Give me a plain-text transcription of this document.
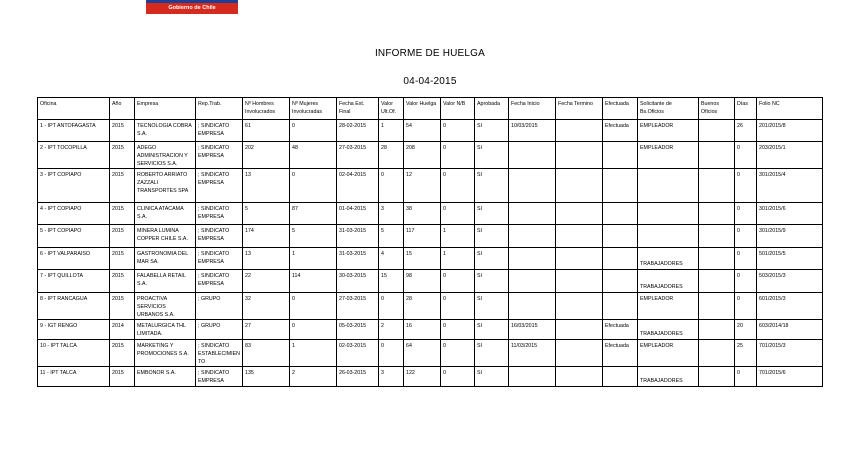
Gobierno de Chile
INFORME DE HUELGA
04-04-2015
Oficina	Año	Empresa	Rep.Trab.	Nº Hombres Involucrados	Nº Mujeres Involucradas	Fecha Ext. Final	Valor Ult.Of.	Valor Huelga	Valor N/B	Aprobada	Fecha Inicio	Fecha Termino	Efectuada	Solicitante de Bs.Oficios	Buenos Oficios	Días	Folio NC
1 - IPT ANTOFAGASTA	2015	TECNOLOGIA COBRA S.A.	; SINDICATO EMPRESA	61	0	28-02-2015	1	54	0	SI	10/03/2015		Efectuada	EMPLEADOR		26	201/2015/8
2 - IPT TOCOPILLA	2015	ADEGO ADMINISTRACION Y SERVICIOS S.A.	; SINDICATO EMPRESA	202	48	27-03-2015	28	208	0	SI				EMPLEADOR		0	203/2015/1
3 - IPT COPIAPO	2015	ROBERTO ARRIATO ZAZZALI TRANSPORTES SPA	; SINDICATO EMPRESA	13	0	02-04-2015	0	12	0	SI						0	301/2015/4
4 - IPT COPIAPO	2015	CLINICA ATACAMA S.A.	; SINDICATO EMPRESA	5	87	01-04-2015	3	38	0	SI						0	301/2015/6
5 - IPT COPIAPO	2015	MINERA LUMINA COPPER CHILE S.A.	; SINDICATO EMPRESA	174	5	31-03-2015	5	117	1	SI						0	301/2015/9
6 - IPT VALPARAISO	2015	GASTRONOMIA DEL MAR SA.	; SINDICATO EMPRESA	13	1	31-03-2015	4	15	1	SI				TRABAJADORES		0	501/2015/5
7 - IPT QUILLOTA	2015	FALABELLA RETAIL S.A.	; SINDICATO EMPRESA	22	114	30-03-2015	15	98	0	SI				TRABAJADORES		0	503/2015/3
8 - IPT RANCAGUA	2015	PROACTIVA SERVICIOS URBANOS S.A.	; GRUPO	32	0	27-03-2015	0	28	0	SI				EMPLEADOR		0	601/2015/3
9 - IGT RENGO	2014	METALURGICA THL LIMITADA.	; GRUPO	27	0	05-03-2015	2	16	0	SI	16/03/2015		Efectuada	TRABAJADORES		20	603/2014/18
10 - IPT TALCA	2015	MARKETING Y PROMOCIONES S.A.	; SINDICATO ESTABLECIMIENTO	83	1	02-03-2015	0	64	0	SI	11/03/2015		Efectuada	EMPLEADOR		25	701/2015/3
11 - IPT TALCA	2015	EMBONOR S.A.	; SINDICATO EMPRESA	135	2	26-03-2015	3	122	0	SI				TRABAJADORES		0	701/2015/6
